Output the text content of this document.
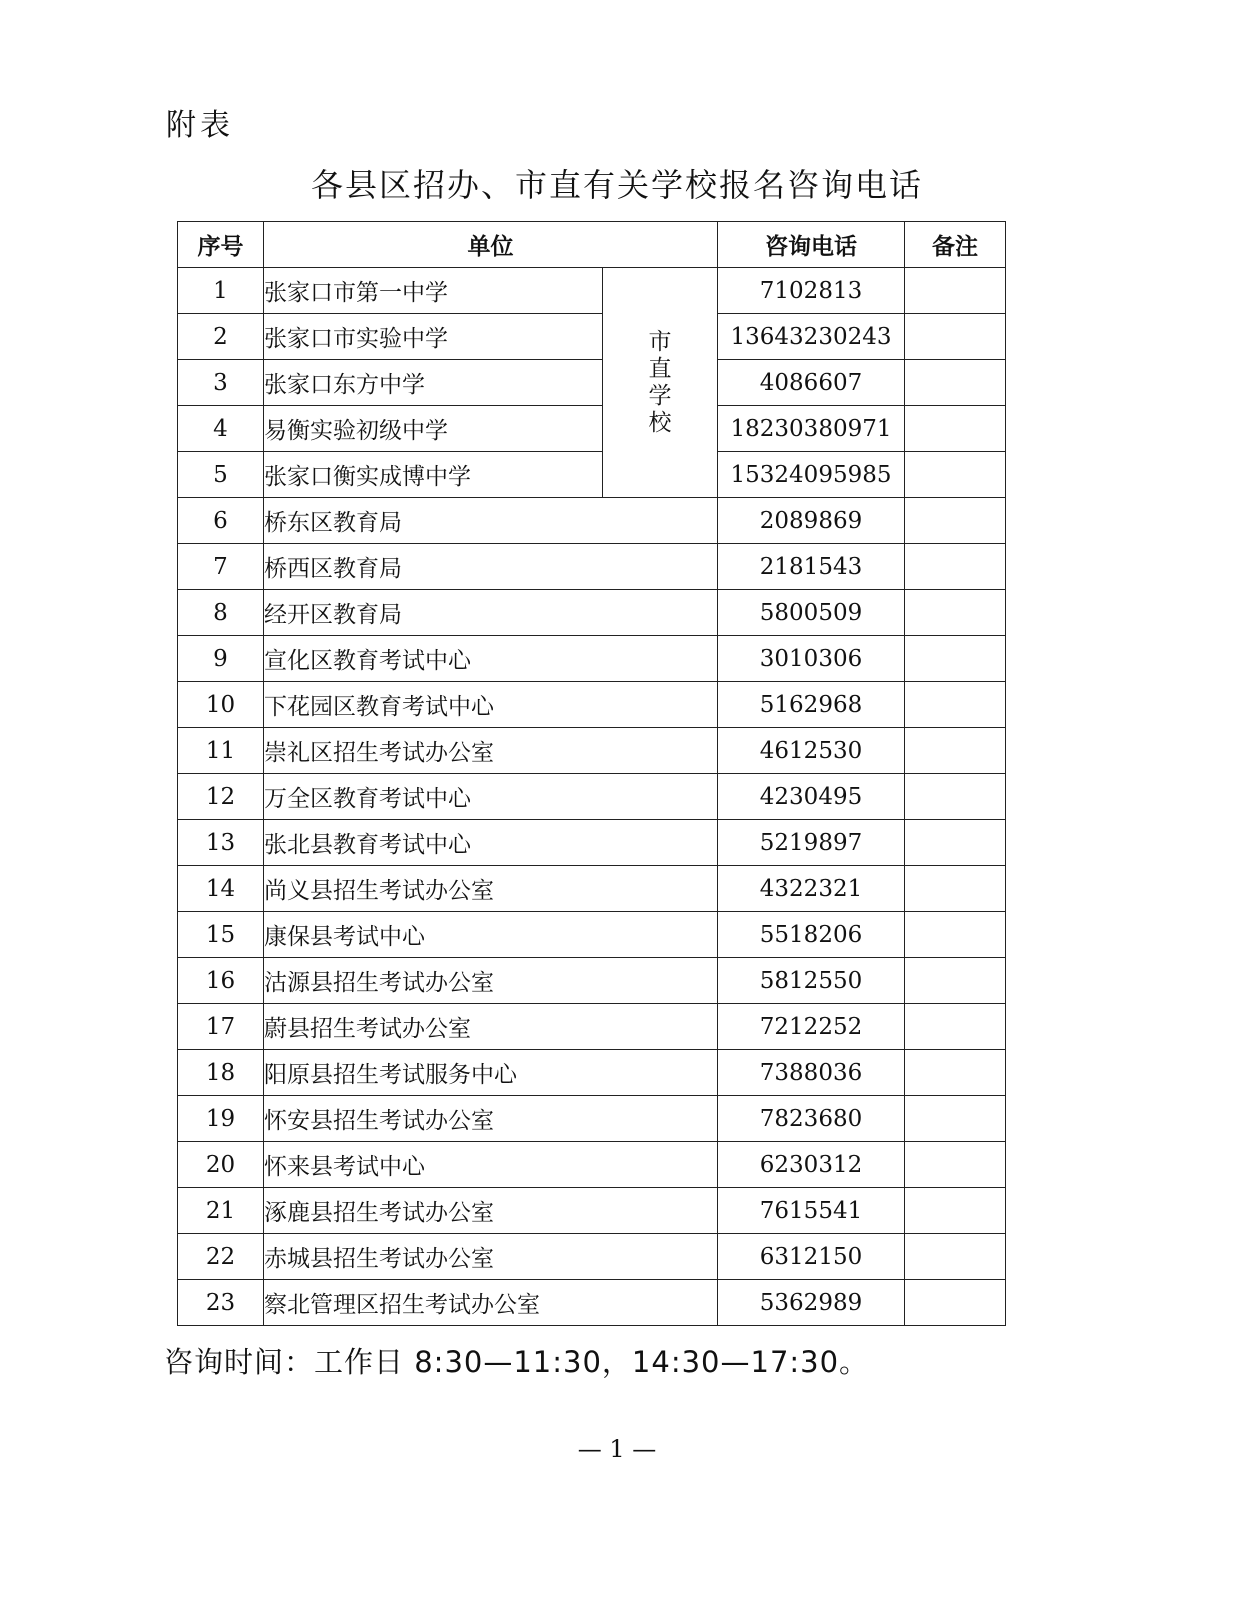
附表
各县区招办、市直有关学校报名咨询电话
序号	单位		咨询电话	备注
1	张家口市第一中学	市直学校	7102813	
2	张家口市实验中学		13643230243	
3	张家口东方中学		4086607	
4	易衡实验初级中学		18230380971	
5	张家口衡实成博中学		15324095985	
6	桥东区教育局		2089869	
7	桥西区教育局		2181543	
8	经开区教育局		5800509	
9	宣化区教育考试中心		3010306	
10	下花园区教育考试中心		5162968	
11	崇礼区招生考试办公室		4612530	
12	万全区教育考试中心		4230495	
13	张北县教育考试中心		5219897	
14	尚义县招生考试办公室		4322321	
15	康保县考试中心		5518206	
16	沽源县招生考试办公室		5812550	
17	蔚县招生考试办公室		7212252	
18	阳原县招生考试服务中心		7388036	
19	怀安县招生考试办公室		7823680	
20	怀来县考试中心		6230312	
21	涿鹿县招生考试办公室		7615541	
22	赤城县招生考试办公室		6312150	
23	察北管理区招生考试办公室		5362989	
咨询时间：工作日 8:30—11:30，14:30—17:30。
— 1 —
